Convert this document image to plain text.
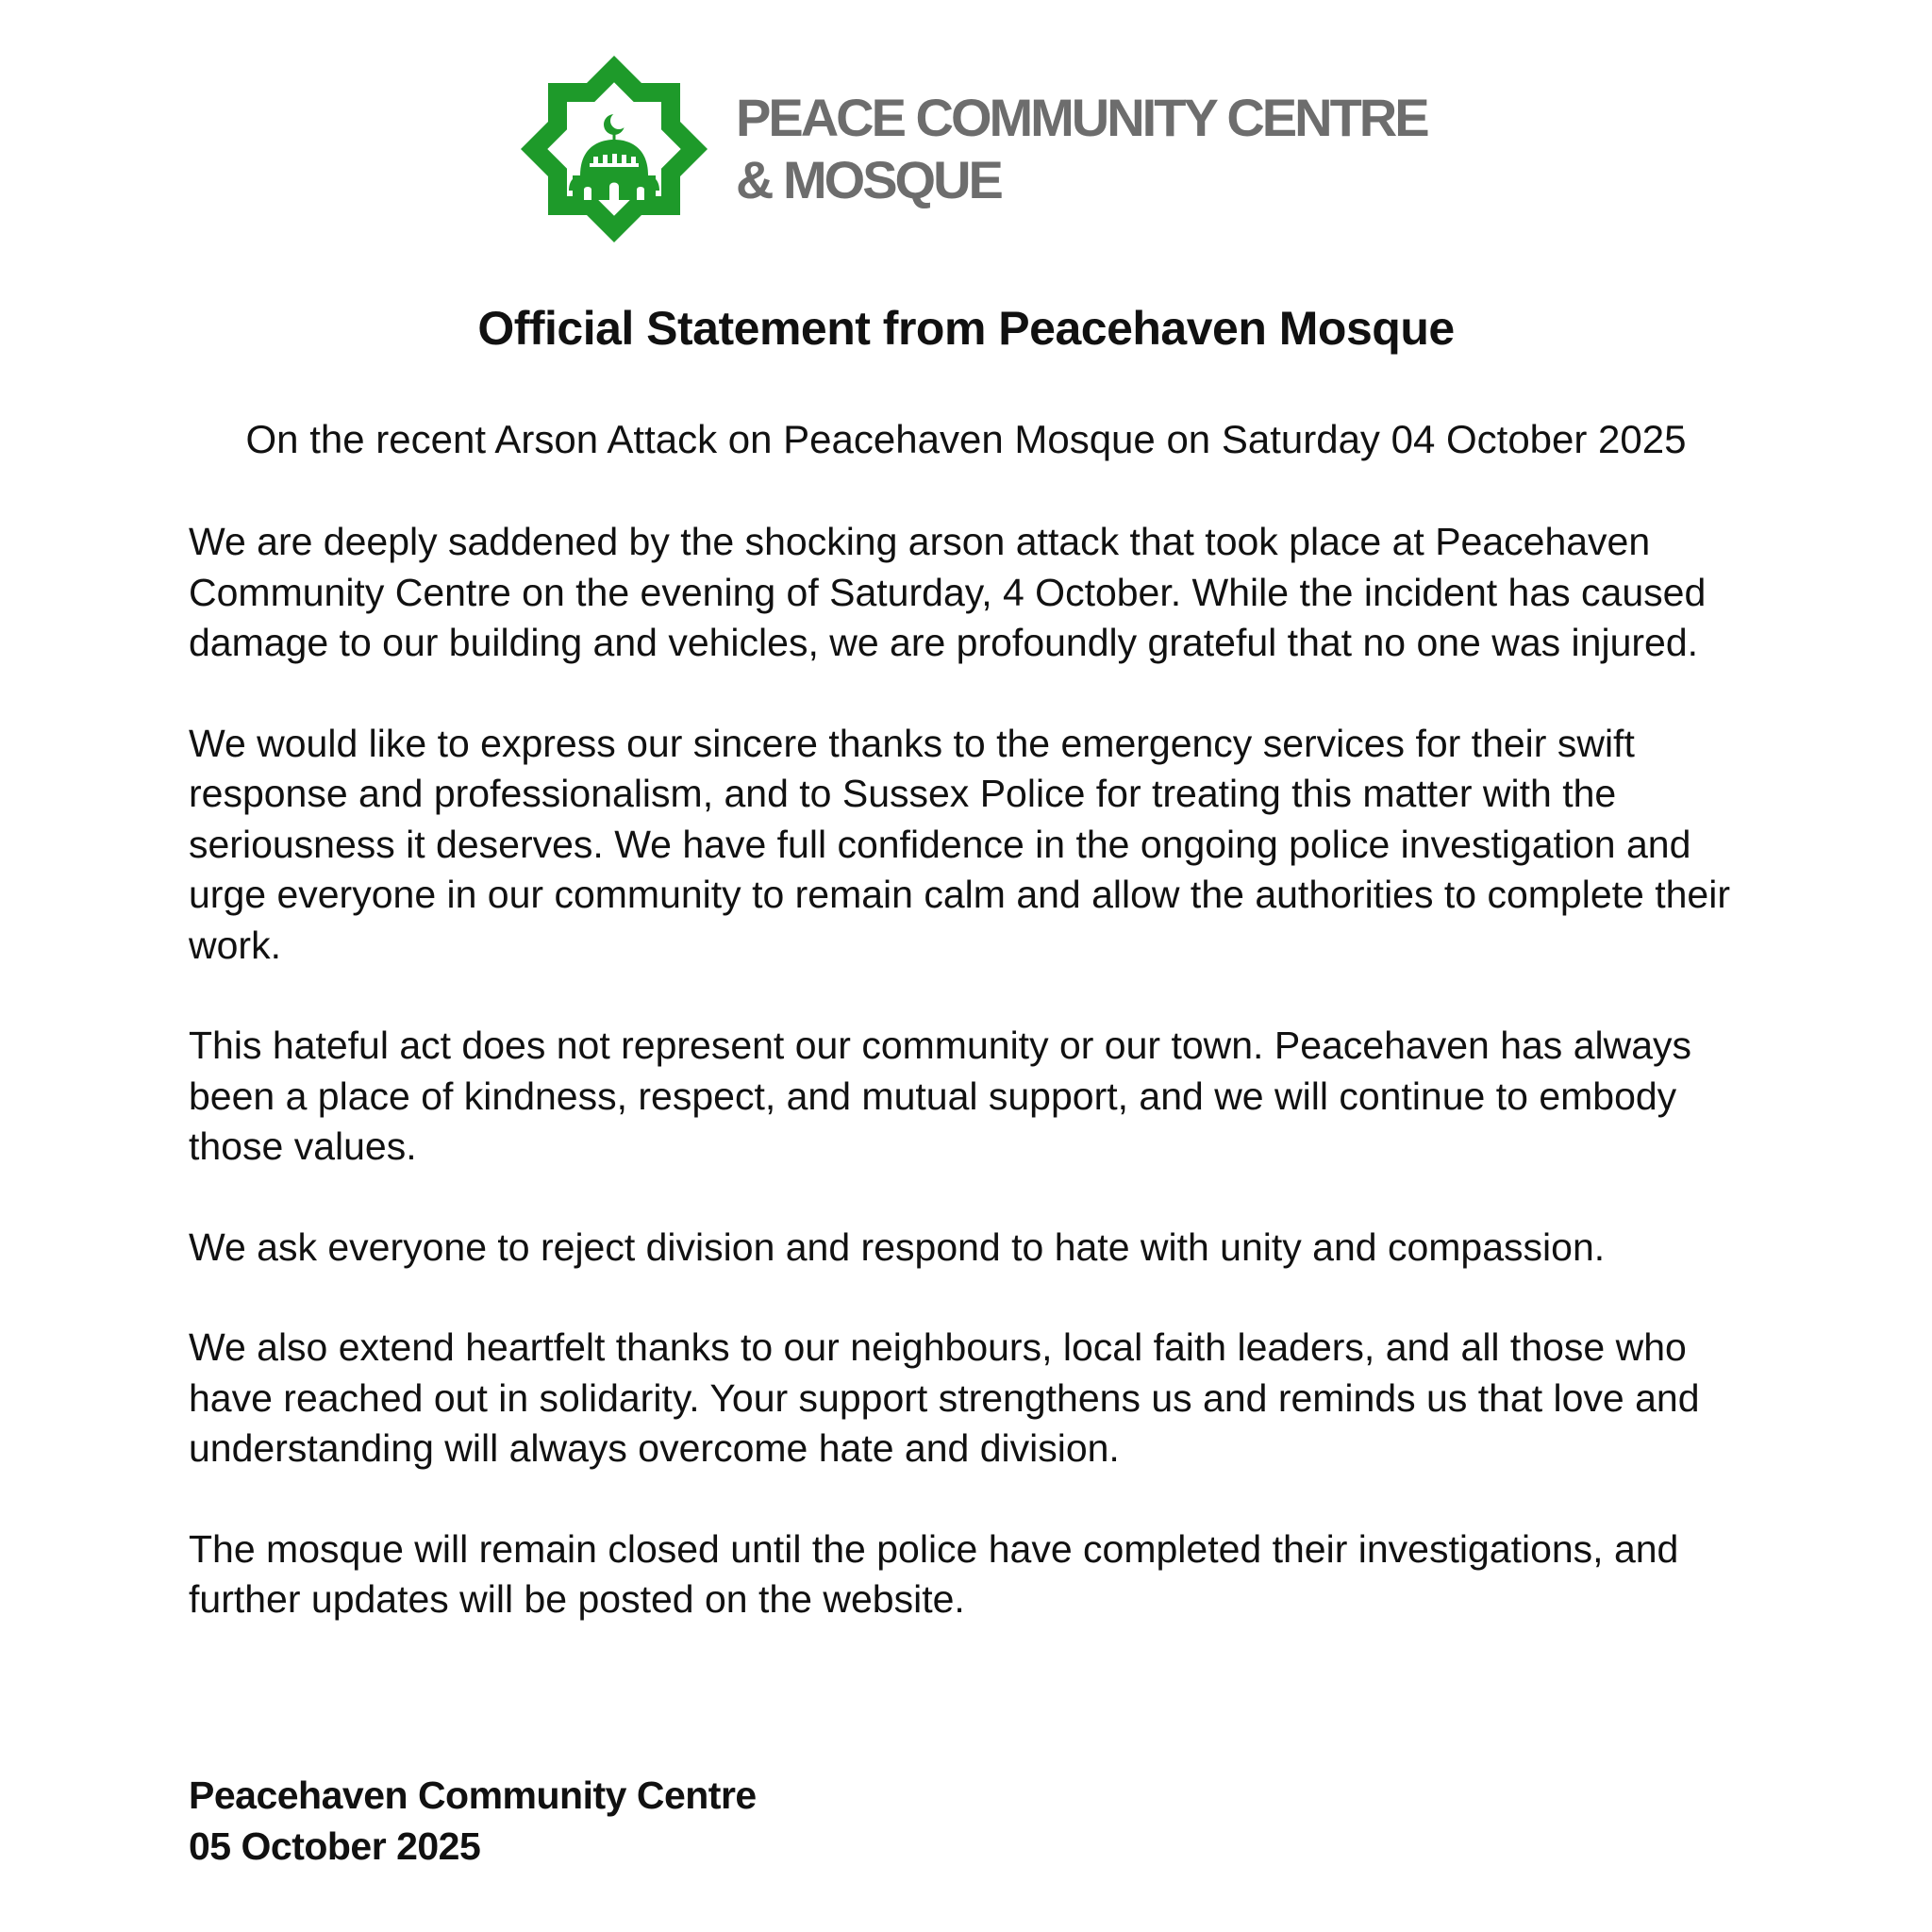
PEACE COMMUNITY CENTRE
& MOSQUE
Official Statement from Peacehaven Mosque

On the recent Arson Attack on Peacehaven Mosque on Saturday 04 October 2025

We are deeply saddened by the shocking arson attack that took place at Peacehaven Community Centre on the evening of Saturday, 4 October. While the incident has caused damage to our building and vehicles, we are profoundly grateful that no one was injured.

We would like to express our sincere thanks to the emergency services for their swift response and professionalism, and to Sussex Police for treating this matter with the seriousness it deserves. We have full confidence in the ongoing police investigation and urge everyone in our community to remain calm and allow the authorities to complete their work.

This hateful act does not represent our community or our town. Peacehaven has always been a place of kindness, respect, and mutual support, and we will continue to embody those values.

We ask everyone to reject division and respond to hate with unity and compassion.

We also extend heartfelt thanks to our neighbours, local faith leaders, and all those who have reached out in solidarity. Your support strengthens us and reminds us that love and understanding will always overcome hate and division.

The mosque will remain closed until the police have completed their investigations, and further updates will be posted on the website.

Peacehaven Community Centre
05 October 2025
